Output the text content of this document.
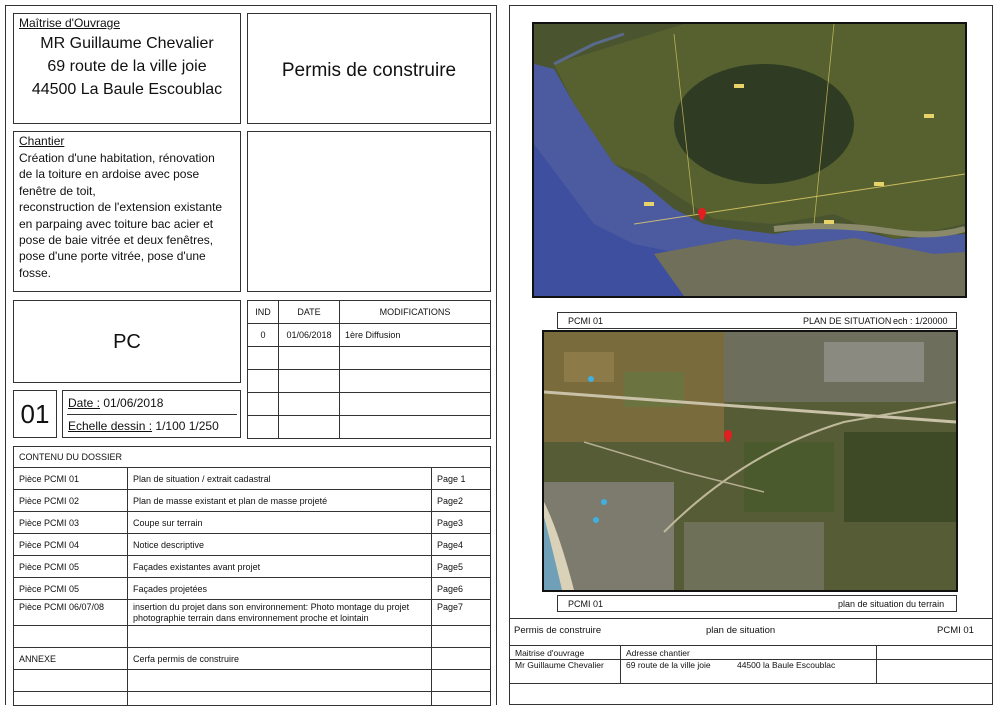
Maîtrise d'Ouvrage
MR Guillaume Chevalier
69 route de la ville joie
44500 La Baule Escoublac
Permis de construire
Chantier
Création d'une habitation, rénovation
de la toiture en ardoise avec pose
fenêtre de toit,
reconstruction de l'extension existante
en parpaing avec toiture bac acier et
pose de baie vitrée et deux fenêtres,
pose d'une porte vitrée, pose d'une
fosse.
PC
IND	DATE	MODIFICATIONS
0	01/06/2018	1ère Diffusion

01	Date : 01/06/2018
Echelle dessin : 1/100 1/250
CONTENU DU DOSSIER		
Pièce PCMI 01	Plan de situation / extrait cadastral	Page 1
Pièce PCMI 02	Plan de masse existant et plan de masse projeté	Page2
Pièce PCMI 03	Coupe sur terrain	Page3
Pièce PCMI 04	Notice descriptive	Page4
Pièce PCMI 05	Façades existantes avant projet	Page5
Pièce PCMI 05	Façades projetées	Page6
Pièce PCMI 06/07/08	insertion du projet dans son environnement: Photo montage du projet photographie terrain dans environnement proche et lointain	Page7

ANNEXE	Cerfa permis de construire	

PCMI 01	PLAN DE SITUATION ech : 1/20000
PCMI 01	plan de situation du terrain
Permis de construire	plan de situation	PCMI 01
Maitrise d'ouvrage	Adresse chantier	
Mr Guillaume Chevalier	69 route de la ville joie 44500 la Baule Escoublac	
